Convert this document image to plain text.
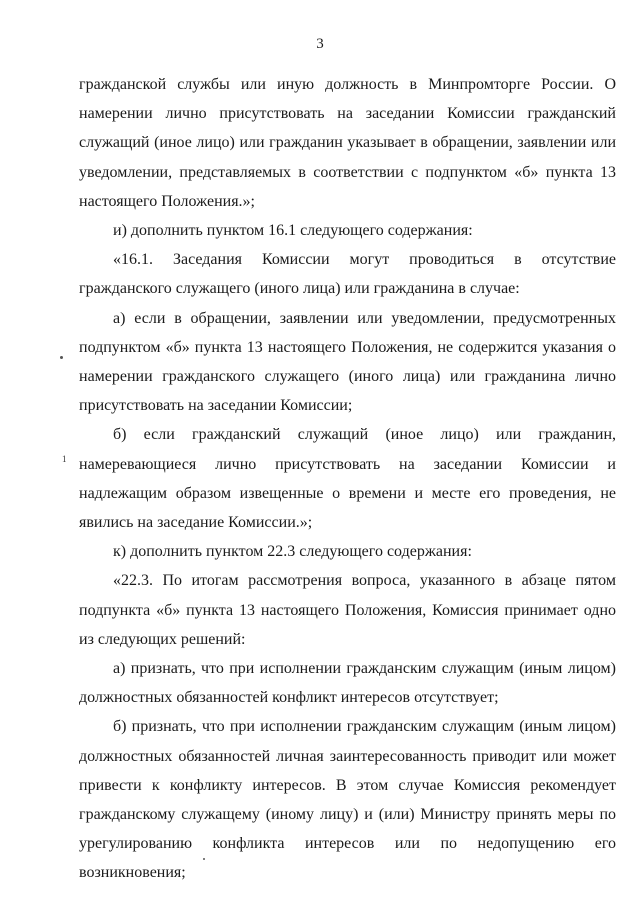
3

гражданской службы или иную должность в Минпромторге России. О намерении лично присутствовать на заседании Комиссии гражданский служащий (иное лицо) или гражданин указывает в обращении, заявлении или уведомлении, представляемых в соответствии с подпунктом «б» пункта 13 настоящего Положения.»;

и) дополнить пунктом 16.1 следующего содержания:

«16.1. Заседания Комиссии могут проводиться в отсутствие гражданского служащего (иного лица) или гражданина в случае:

а) если в обращении, заявлении или уведомлении, предусмотренных подпунктом «б» пункта 13 настоящего Положения, не содержится указания о намерении гражданского служащего (иного лица) или гражданина лично присутствовать на заседании Комиссии;

б) если гражданский служащий (иное лицо) или гражданин, намеревающиеся лично присутствовать на заседании Комиссии и надлежащим образом извещенные о времени и месте его проведения, не явились на заседание Комиссии.»;

к) дополнить пунктом 22.3 следующего содержания:

«22.3. По итогам рассмотрения вопроса, указанного в абзаце пятом подпункта «б» пункта 13 настоящего Положения, Комиссия принимает одно из следующих решений:

а) признать, что при исполнении гражданским служащим (иным лицом) должностных обязанностей конфликт интересов отсутствует;

б) признать, что при исполнении гражданским служащим (иным лицом) должностных обязанностей личная заинтересованность приводит или может привести к конфликту интересов. В этом случае Комиссия рекомендует гражданскому служащему (иному лицу) и (или) Министру принять меры по урегулированию конфликта интересов или по недопущению его возникновения;

1
